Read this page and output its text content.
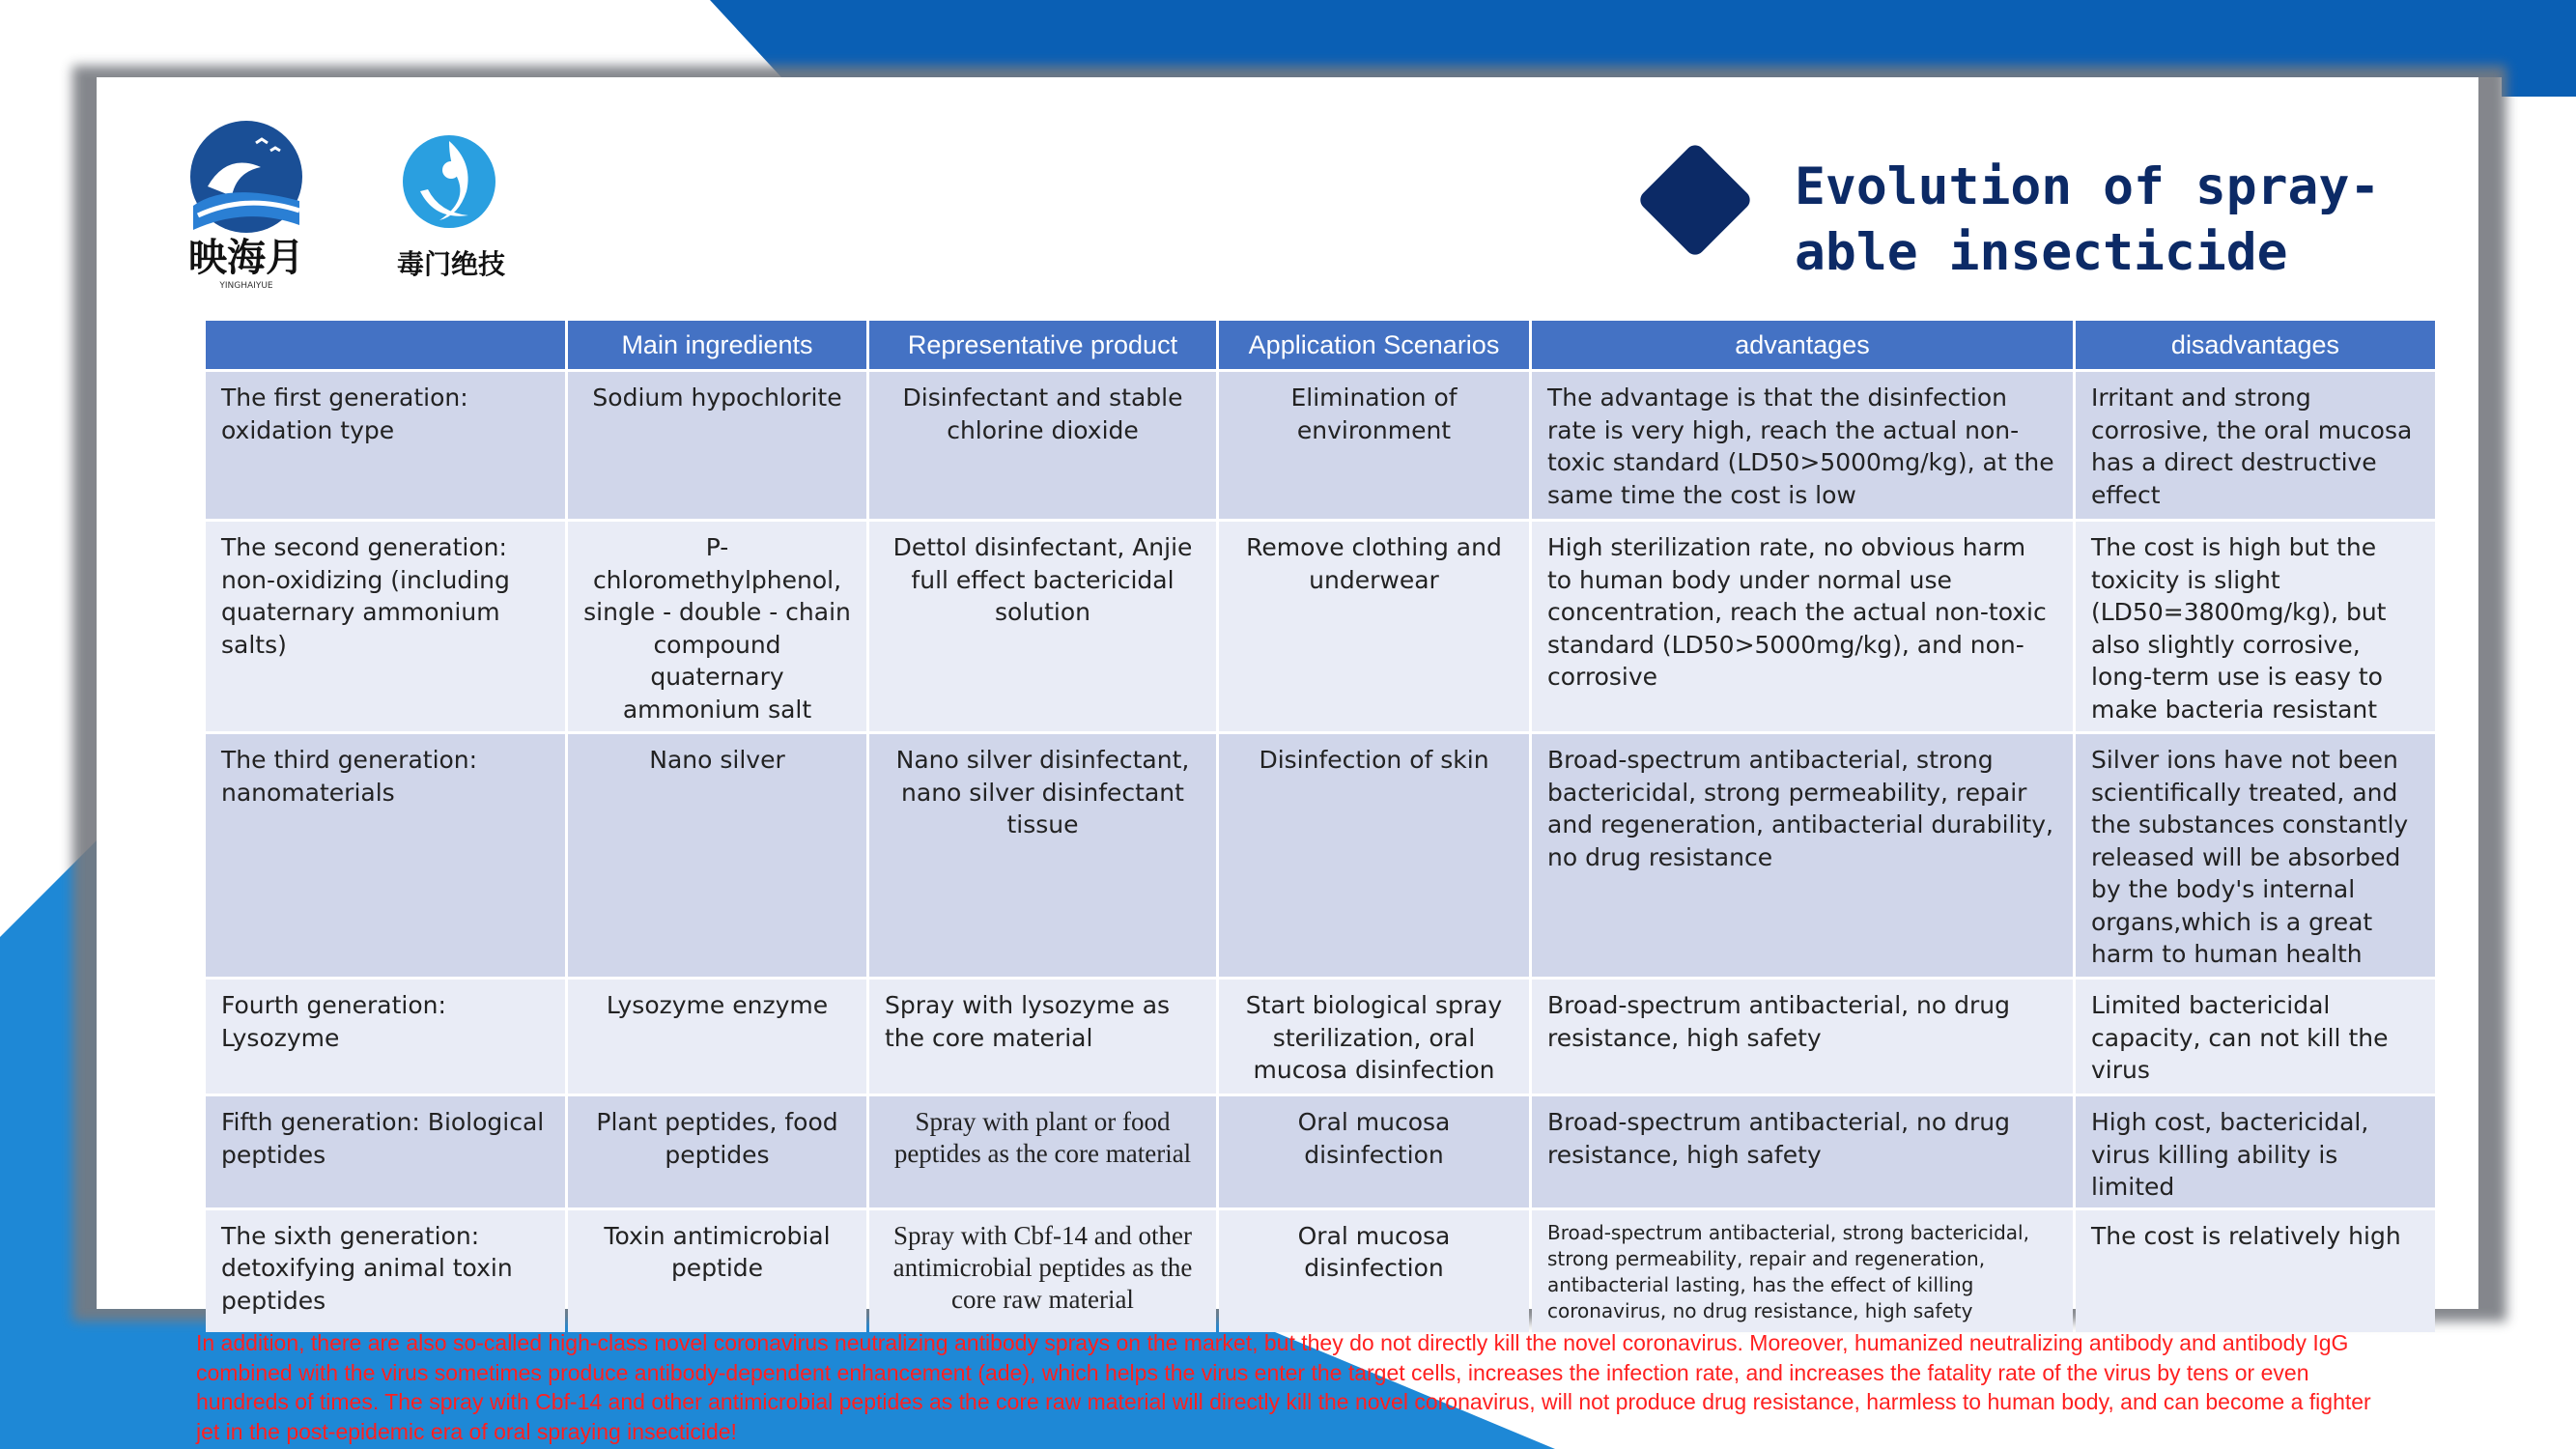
映海月
YINGHAIYUE
毒门绝技
Evolution of spray-able insecticide
	Main ingredients	Representative product	Application Scenarios	advantages	disadvantages
The first generation: oxidation type	Sodium hypochlorite	Disinfectant and stable chlorine dioxide	Elimination of environment	The advantage is that the disinfection rate is very high, reach the actual non-toxic standard (LD50>5000mg/kg), at the same time the cost is low	Irritant and strong corrosive, the oral mucosa has a direct destructive effect
The second generation: non-oxidizing (including quaternary ammonium salts)	P-chloromethylphenol, single - double - chain compound quaternary ammonium salt	Dettol disinfectant, Anjie full effect bactericidal solution	Remove clothing and underwear	High sterilization rate, no obvious harm to human body under normal use concentration, reach the actual non-toxic standard (LD50>5000mg/kg), and non-corrosive	The cost is high but the toxicity is slight (LD50=3800mg/kg), but also slightly corrosive, long-term use is easy to make bacteria resistant
The third generation: nanomaterials	Nano silver	Nano silver disinfectant, nano silver disinfectant tissue	Disinfection of skin	Broad-spectrum antibacterial, strong bactericidal, strong permeability, repair and regeneration, antibacterial durability, no drug resistance	Silver ions have not been scientifically treated, and the substances constantly released will be absorbed by the body's internal organs,which is a great harm to human health
Fourth generation: Lysozyme	Lysozyme enzyme	Spray with lysozyme as the core material	Start biological spray sterilization, oral mucosa disinfection	Broad-spectrum antibacterial, no drug resistance, high safety	Limited bactericidal capacity, can not kill the virus
Fifth generation: Biological peptides	Plant peptides, food peptides	Spray with plant or food peptides as the core material	Oral mucosa disinfection	Broad-spectrum antibacterial, no drug resistance, high safety	High cost, bactericidal, virus killing ability is limited
The sixth generation: detoxifying animal toxin peptides	Toxin antimicrobial peptide	Spray with Cbf-14 and other antimicrobial peptides as the core raw material	Oral mucosa disinfection	Broad-spectrum antibacterial, strong bactericidal, strong permeability, repair and regeneration, antibacterial lasting, has the effect of killing coronavirus, no drug resistance, high safety	The cost is relatively high
In addition, there are also so-called high-class novel coronavirus neutralizing antibody sprays on the market, but they do not directly kill the novel coronavirus. Moreover, humanized neutralizing antibody and antibody IgG combined with the virus sometimes produce antibody-dependent enhancement (ade), which helps the virus enter the target cells, increases the infection rate, and increases the fatality rate of the virus by tens or even hundreds of times. The spray with Cbf-14 and other antimicrobial peptides as the core raw material will directly kill the novel coronavirus, will not produce drug resistance, harmless to human body, and can become a fighter jet in the post-epidemic era of oral spraying insecticide!
